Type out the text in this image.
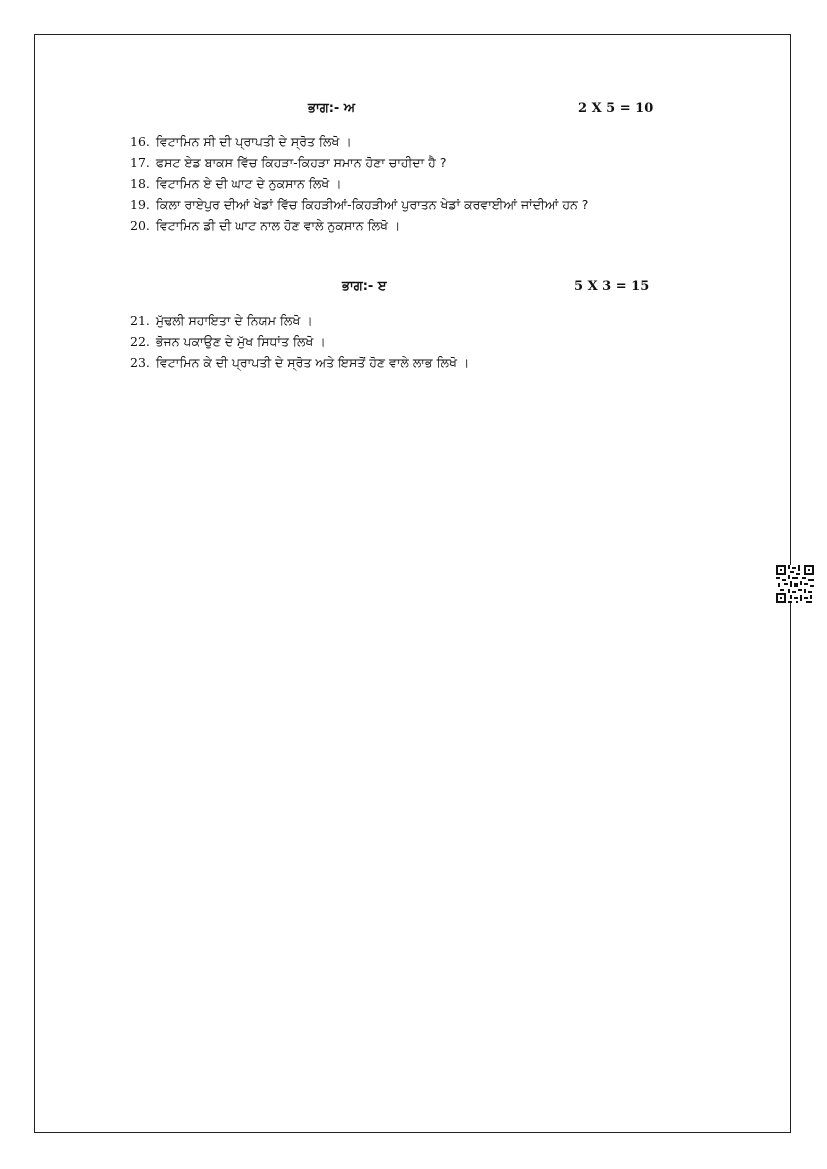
ਭਾਗ:- ਅ	2 X 5 = 10
16. ਵਿਟਾਮਿਨ ਸੀ ਦੀ ਪ੍ਰਾਪਤੀ ਦੇ ਸ੍ਰੋਤ ਲਿਖੋ ।
17. ਫਸਟ ਏਡ ਬਾਕਸ ਵਿੱਚ ਕਿਹੜਾ-ਕਿਹੜਾ ਸਮਾਨ ਹੋਣਾ ਚਾਹੀਦਾ ਹੈ ?
18. ਵਿਟਾਮਿਨ ਏ ਦੀ ਘਾਟ ਦੇ ਨੁਕਸਾਨ ਲਿਖੋ ।
19. ਕਿਲਾ ਰਾਏਪੁਰ ਦੀਆਂ ਖੇਡਾਂ ਵਿੱਚ ਕਿਹੜੀਆਂ-ਕਿਹੜੀਆਂ ਪੁਰਾਤਨ ਖੇਡਾਂ ਕਰਵਾਈਆਂ ਜਾਂਦੀਆਂ ਹਨ ?
20. ਵਿਟਾਮਿਨ ਡੀ ਦੀ ਘਾਟ ਨਾਲ ਹੋਣ ਵਾਲੇ ਨੁਕਸਾਨ ਲਿਖੋ ।
ਭਾਗ:- ੲ	5 X 3 = 15
21. ਮੁੱਢਲੀ ਸਹਾਇਤਾ ਦੇ ਨਿਯਮ ਲਿਖੋ ।
22. ਭੋਜਨ ਪਕਾਉਣ ਦੇ ਮੁੱਖ ਸਿਧਾਂਤ ਲਿਖੋ ।
23. ਵਿਟਾਮਿਨ ਕੇ ਦੀ ਪ੍ਰਾਪਤੀ ਦੇ ਸ੍ਰੋਤ ਅਤੇ ਇਸਤੋਂ ਹੋਣ ਵਾਲੇ ਲਾਭ ਲਿਖੋ ।
